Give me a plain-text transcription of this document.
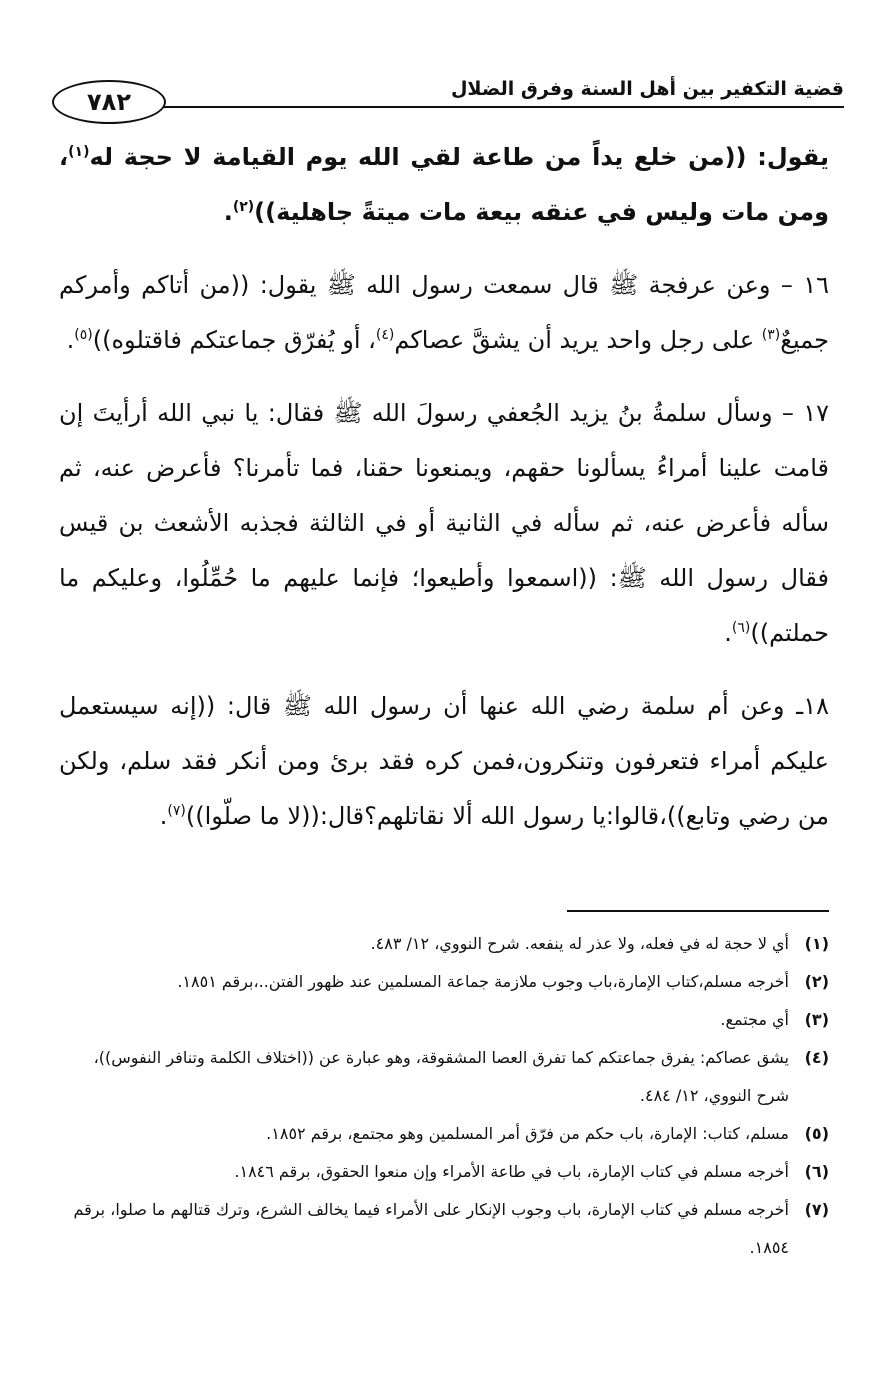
قضية التكفير بين أهل السنة وفرق الضلال
٧٨٢

يقول: ((من خلع يداً من طاعة لقي الله يوم القيامة لا حجة له$^{(١)}$، ومن مات وليس في عنقه بيعة مات ميتةً جاهلية))$^{(٢)}$.

١٦ – وعن عرفجة ﷺ قال سمعت رسول الله ﷺ يقول: ((من أتاكم وأمركم جميعٌ$^{(٣)}$ على رجل واحد يريد أن يشقَّ عصاكم$^{(٤)}$، أو يُفرّق جماعتكم فاقتلوه))$^{(٥)}$.

١٧ – وسأل سلمةُ بنُ يزيد الجُعفي رسولَ الله ﷺ فقال: يا نبي الله أرأيتَ إن قامت علينا أمراءُ يسألونا حقهم، ويمنعونا حقنا، فما تأمرنا؟ فأعرض عنه، ثم سأله فأعرض عنه، ثم سأله في الثانية أو في الثالثة فجذبه الأشعث بن قيس فقال رسول الله ﷺ: ((اسمعوا وأطيعوا؛ فإنما عليهم ما حُمِّلُوا، وعليكم ما حملتم))$^{(٦)}$.

١٨ـ وعن أم سلمة رضي الله عنها أن رسول الله ﷺ قال: ((إنه سيستعمل عليكم أمراء فتعرفون وتنكرون،فمن كره فقد برئ ومن أنكر فقد سلم، ولكن من رضي وتابع))،قالوا:يا رسول الله ألا نقاتلهم؟قال:((لا ما صلّوا))$^{(٧)}$.

(١)
أي لا حجة له في فعله، ولا عذر له ينفعه. شرح النووي، ١٢/ ٤٨٣.
(٢)
أخرجه مسلم،كتاب الإمارة،باب وجوب ملازمة جماعة المسلمين عند ظهور الفتن..،برقم ١٨٥١.
(٣)
أي مجتمع.
(٤)
يشق عصاكم: يفرق جماعتكم كما تفرق العصا المشقوقة، وهو عبارة عن ((اختلاف الكلمة وتنافر النفوس))، شرح النووي، ١٢/ ٤٨٤.
(٥)
مسلم، كتاب: الإمارة، باب حكم من فرّق أمر المسلمين وهو مجتمع، برقم ١٨٥٢.
(٦)
أخرجه مسلم في كتاب الإمارة، باب في طاعة الأمراء وإن منعوا الحقوق، برقم ١٨٤٦.
(٧)
أخرجه مسلم في كتاب الإمارة، باب وجوب الإنكار على الأمراء فيما يخالف الشرع، وترك قتالهم ما صلوا، برقم ١٨٥٤.
